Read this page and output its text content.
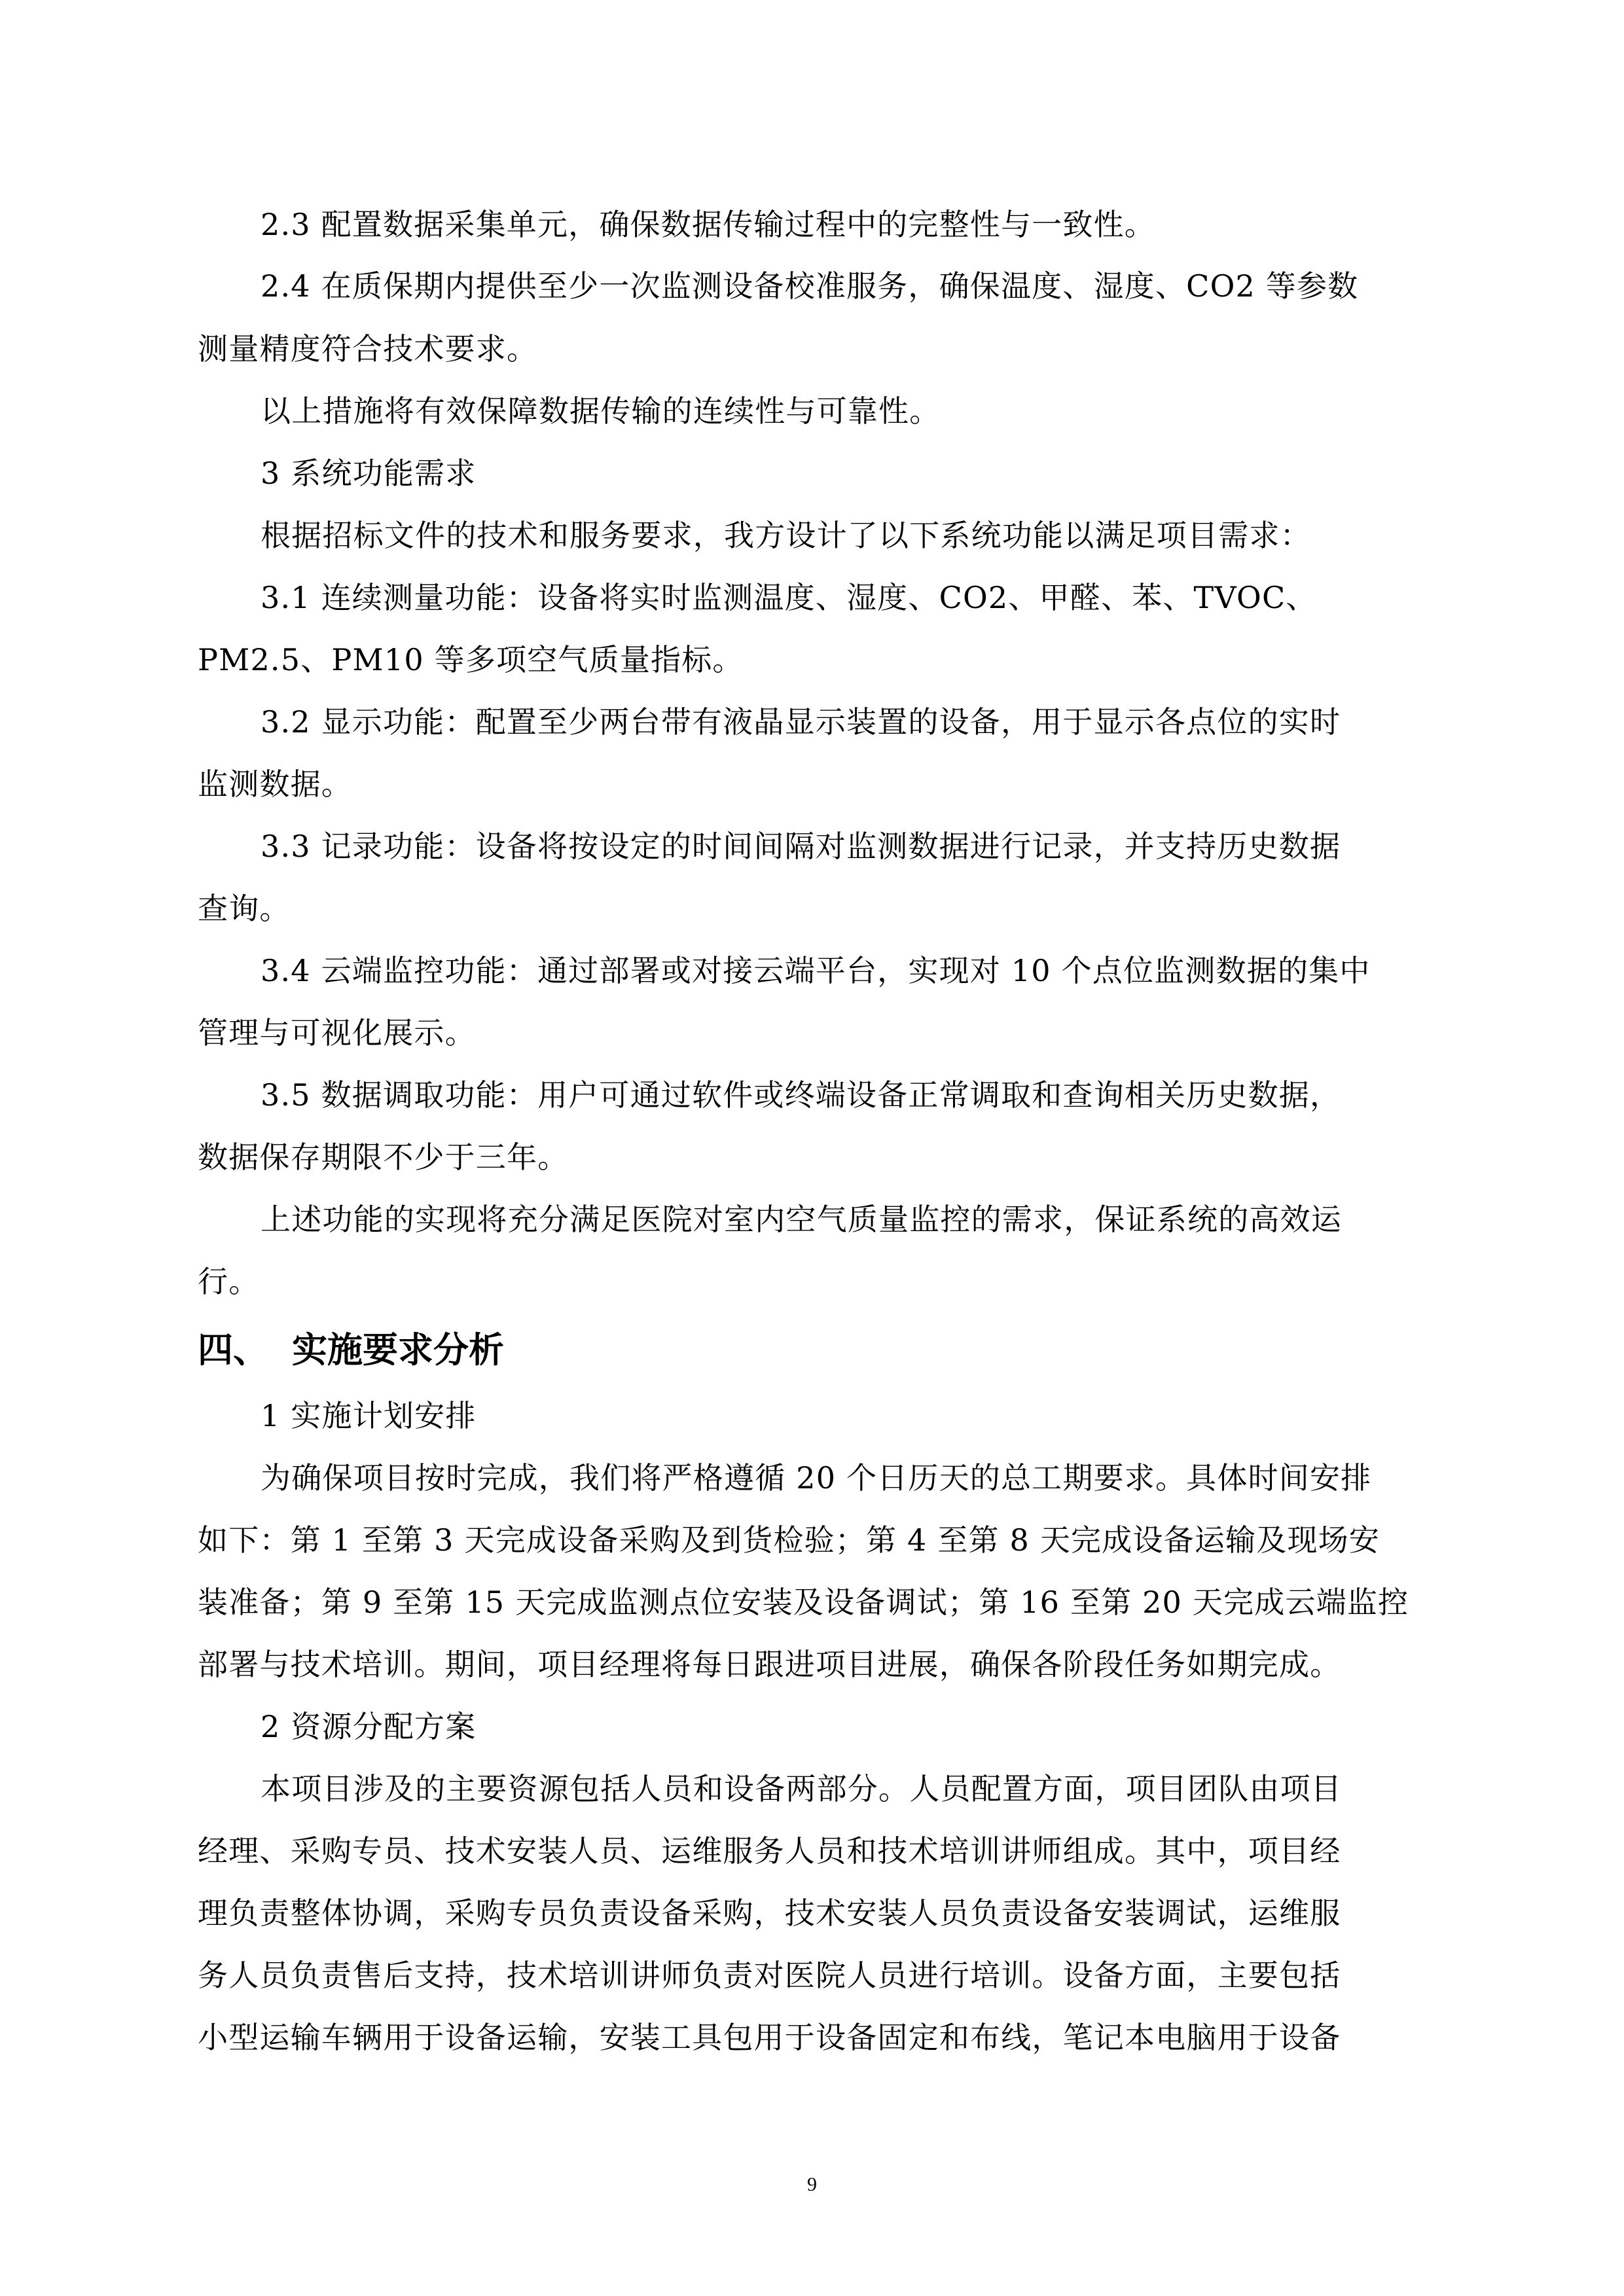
2.3 配置数据采集单元，确保数据传输过程中的完整性与一致性。
2.4 在质保期内提供至少一次监测设备校准服务，确保温度、湿度、CO2 等参数
测量精度符合技术要求。
以上措施将有效保障数据传输的连续性与可靠性。
3 系统功能需求
根据招标文件的技术和服务要求，我方设计了以下系统功能以满足项目需求：
3.1 连续测量功能：设备将实时监测温度、湿度、CO2、甲醛、苯、TVOC、
PM2.5、PM10 等多项空气质量指标。
3.2 显示功能：配置至少两台带有液晶显示装置的设备，用于显示各点位的实时
监测数据。
3.3 记录功能：设备将按设定的时间间隔对监测数据进行记录，并支持历史数据
查询。
3.4 云端监控功能：通过部署或对接云端平台，实现对 10 个点位监测数据的集中
管理与可视化展示。
3.5 数据调取功能：用户可通过软件或终端设备正常调取和查询相关历史数据，
数据保存期限不少于三年。
上述功能的实现将充分满足医院对室内空气质量监控的需求，保证系统的高效运
行。
四、 实施要求分析
1 实施计划安排
为确保项目按时完成，我们将严格遵循 20 个日历天的总工期要求。具体时间安排
如下：第 1 至第 3 天完成设备采购及到货检验；第 4 至第 8 天完成设备运输及现场安
装准备；第 9 至第 15 天完成监测点位安装及设备调试；第 16 至第 20 天完成云端监控
部署与技术培训。期间，项目经理将每日跟进项目进展，确保各阶段任务如期完成。
2 资源分配方案
本项目涉及的主要资源包括人员和设备两部分。人员配置方面，项目团队由项目
经理、采购专员、技术安装人员、运维服务人员和技术培训讲师组成。其中，项目经
理负责整体协调，采购专员负责设备采购，技术安装人员负责设备安装调试，运维服
务人员负责售后支持，技术培训讲师负责对医院人员进行培训。设备方面，主要包括
小型运输车辆用于设备运输，安装工具包用于设备固定和布线，笔记本电脑用于设备
9
